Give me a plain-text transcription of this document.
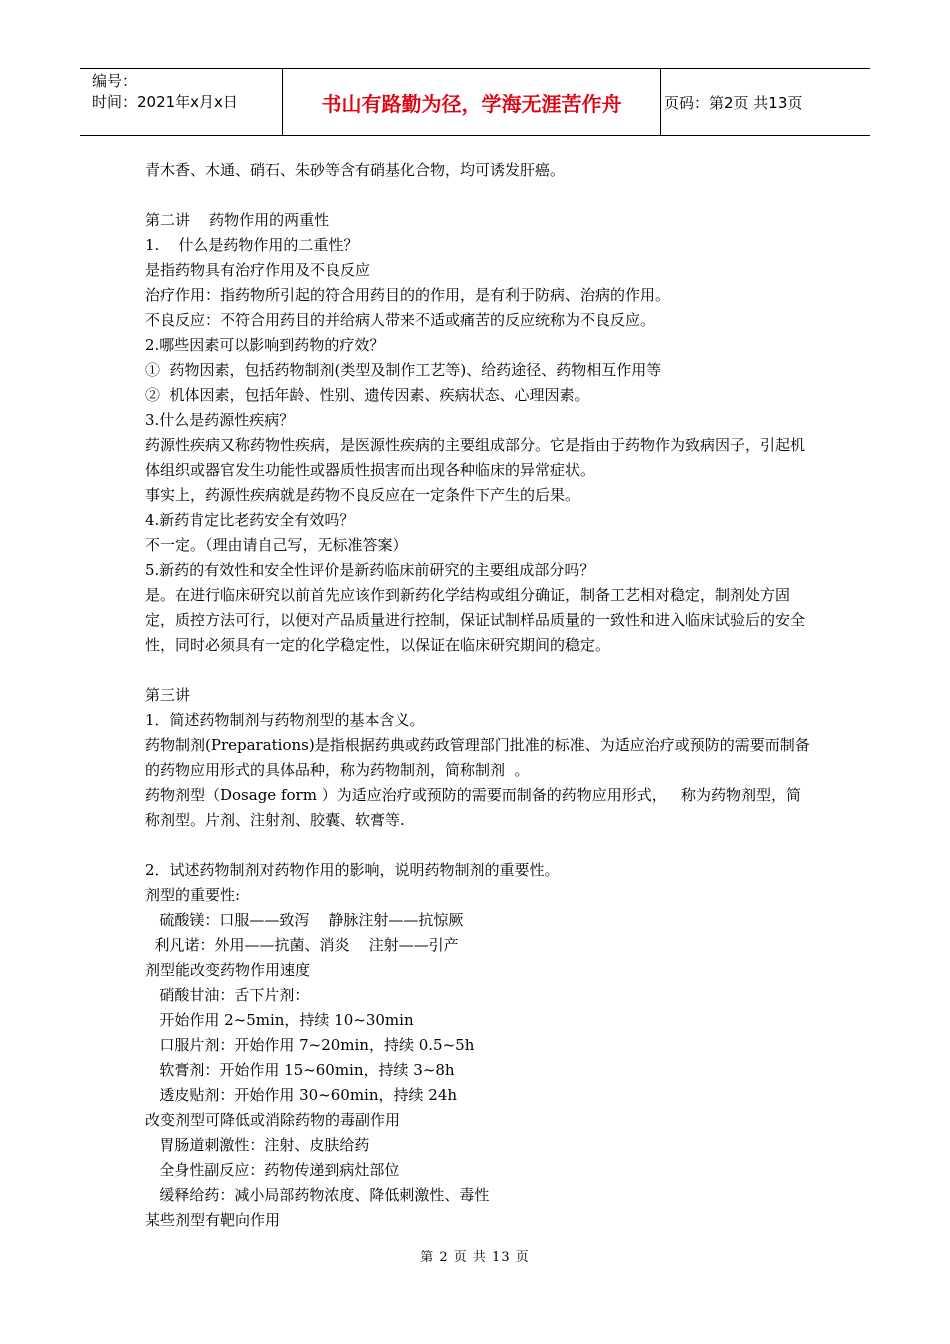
编号：
时间：2021年x月x日	书山有路勤为径，学海无涯苦作舟	页码：第2页 共13页

青木香、木通、硝石、朱砂等含有硝基化合物，均可诱发肝癌。

第二讲    药物作用的两重性

1.    什么是药物作用的二重性？

是指药物具有治疗作用及不良反应

治疗作用：指药物所引起的符合用药目的的作用，是有利于防病、治病的作用。

不良反应：不符合用药目的并给病人带来不适或痛苦的反应统称为不良反应。

2.哪些因素可以影响到药物的疗效？

①  药物因素，包括药物制剂(类型及制作工艺等)、给药途径、药物相互作用等

②  机体因素，包括年龄、性别、遗传因素、疾病状态、心理因素。

3.什么是药源性疾病？

药源性疾病又称药物性疾病，是医源性疾病的主要组成部分。它是指由于药物作为致病因子，引起机体组织或器官发生功能性或器质性损害而出现各种临床的异常症状。

事实上，药源性疾病就是药物不良反应在一定条件下产生的后果。

4.新药肯定比老药安全有效吗？

不一定。（理由请自己写，无标准答案）

5.新药的有效性和安全性评价是新药临床前研究的主要组成部分吗？

是。在进行临床研究以前首先应该作到新药化学结构或组分确证，制备工艺相对稳定，制剂处方固定，质控方法可行，以便对产品质量进行控制，保证试制样品质量的一致性和进入临床试验后的安全性，同时必须具有一定的化学稳定性，以保证在临床研究期间的稳定。

第三讲

1．简述药物制剂与药物剂型的基本含义。

药物制剂(Preparations)是指根据药典或药政管理部门批准的标准、为适应治疗或预防的需要而制备的药物应用形式的具体品种，称为药物制剂，简称制剂  。

药物剂型（Dosage form ）为适应治疗或预防的需要而制备的药物应用形式，   称为药物剂型，简称剂型。片剂、注射剂、胶囊、软膏等.

2．试述药物制剂对药物作用的影响，说明药物制剂的重要性。

剂型的重要性:

硫酸镁：口服——致泻    静脉注射——抗惊厥

利凡诺：外用——抗菌、消炎    注射——引产

剂型能改变药物作用速度

硝酸甘油：舌下片剂：

开始作用 2~5min，持续 10~30min

口服片剂：开始作用 7~20min，持续 0.5~5h

软膏剂：开始作用 15~60min，持续 3~8h

透皮贴剂：开始作用 30~60min，持续 24h

改变剂型可降低或消除药物的毒副作用

胃肠道刺激性：注射、皮肤给药

全身性副反应：药物传递到病灶部位

缓释给药：减小局部药物浓度、降低刺激性、毒性

某些剂型有靶向作用

第 2 页 共 13 页
